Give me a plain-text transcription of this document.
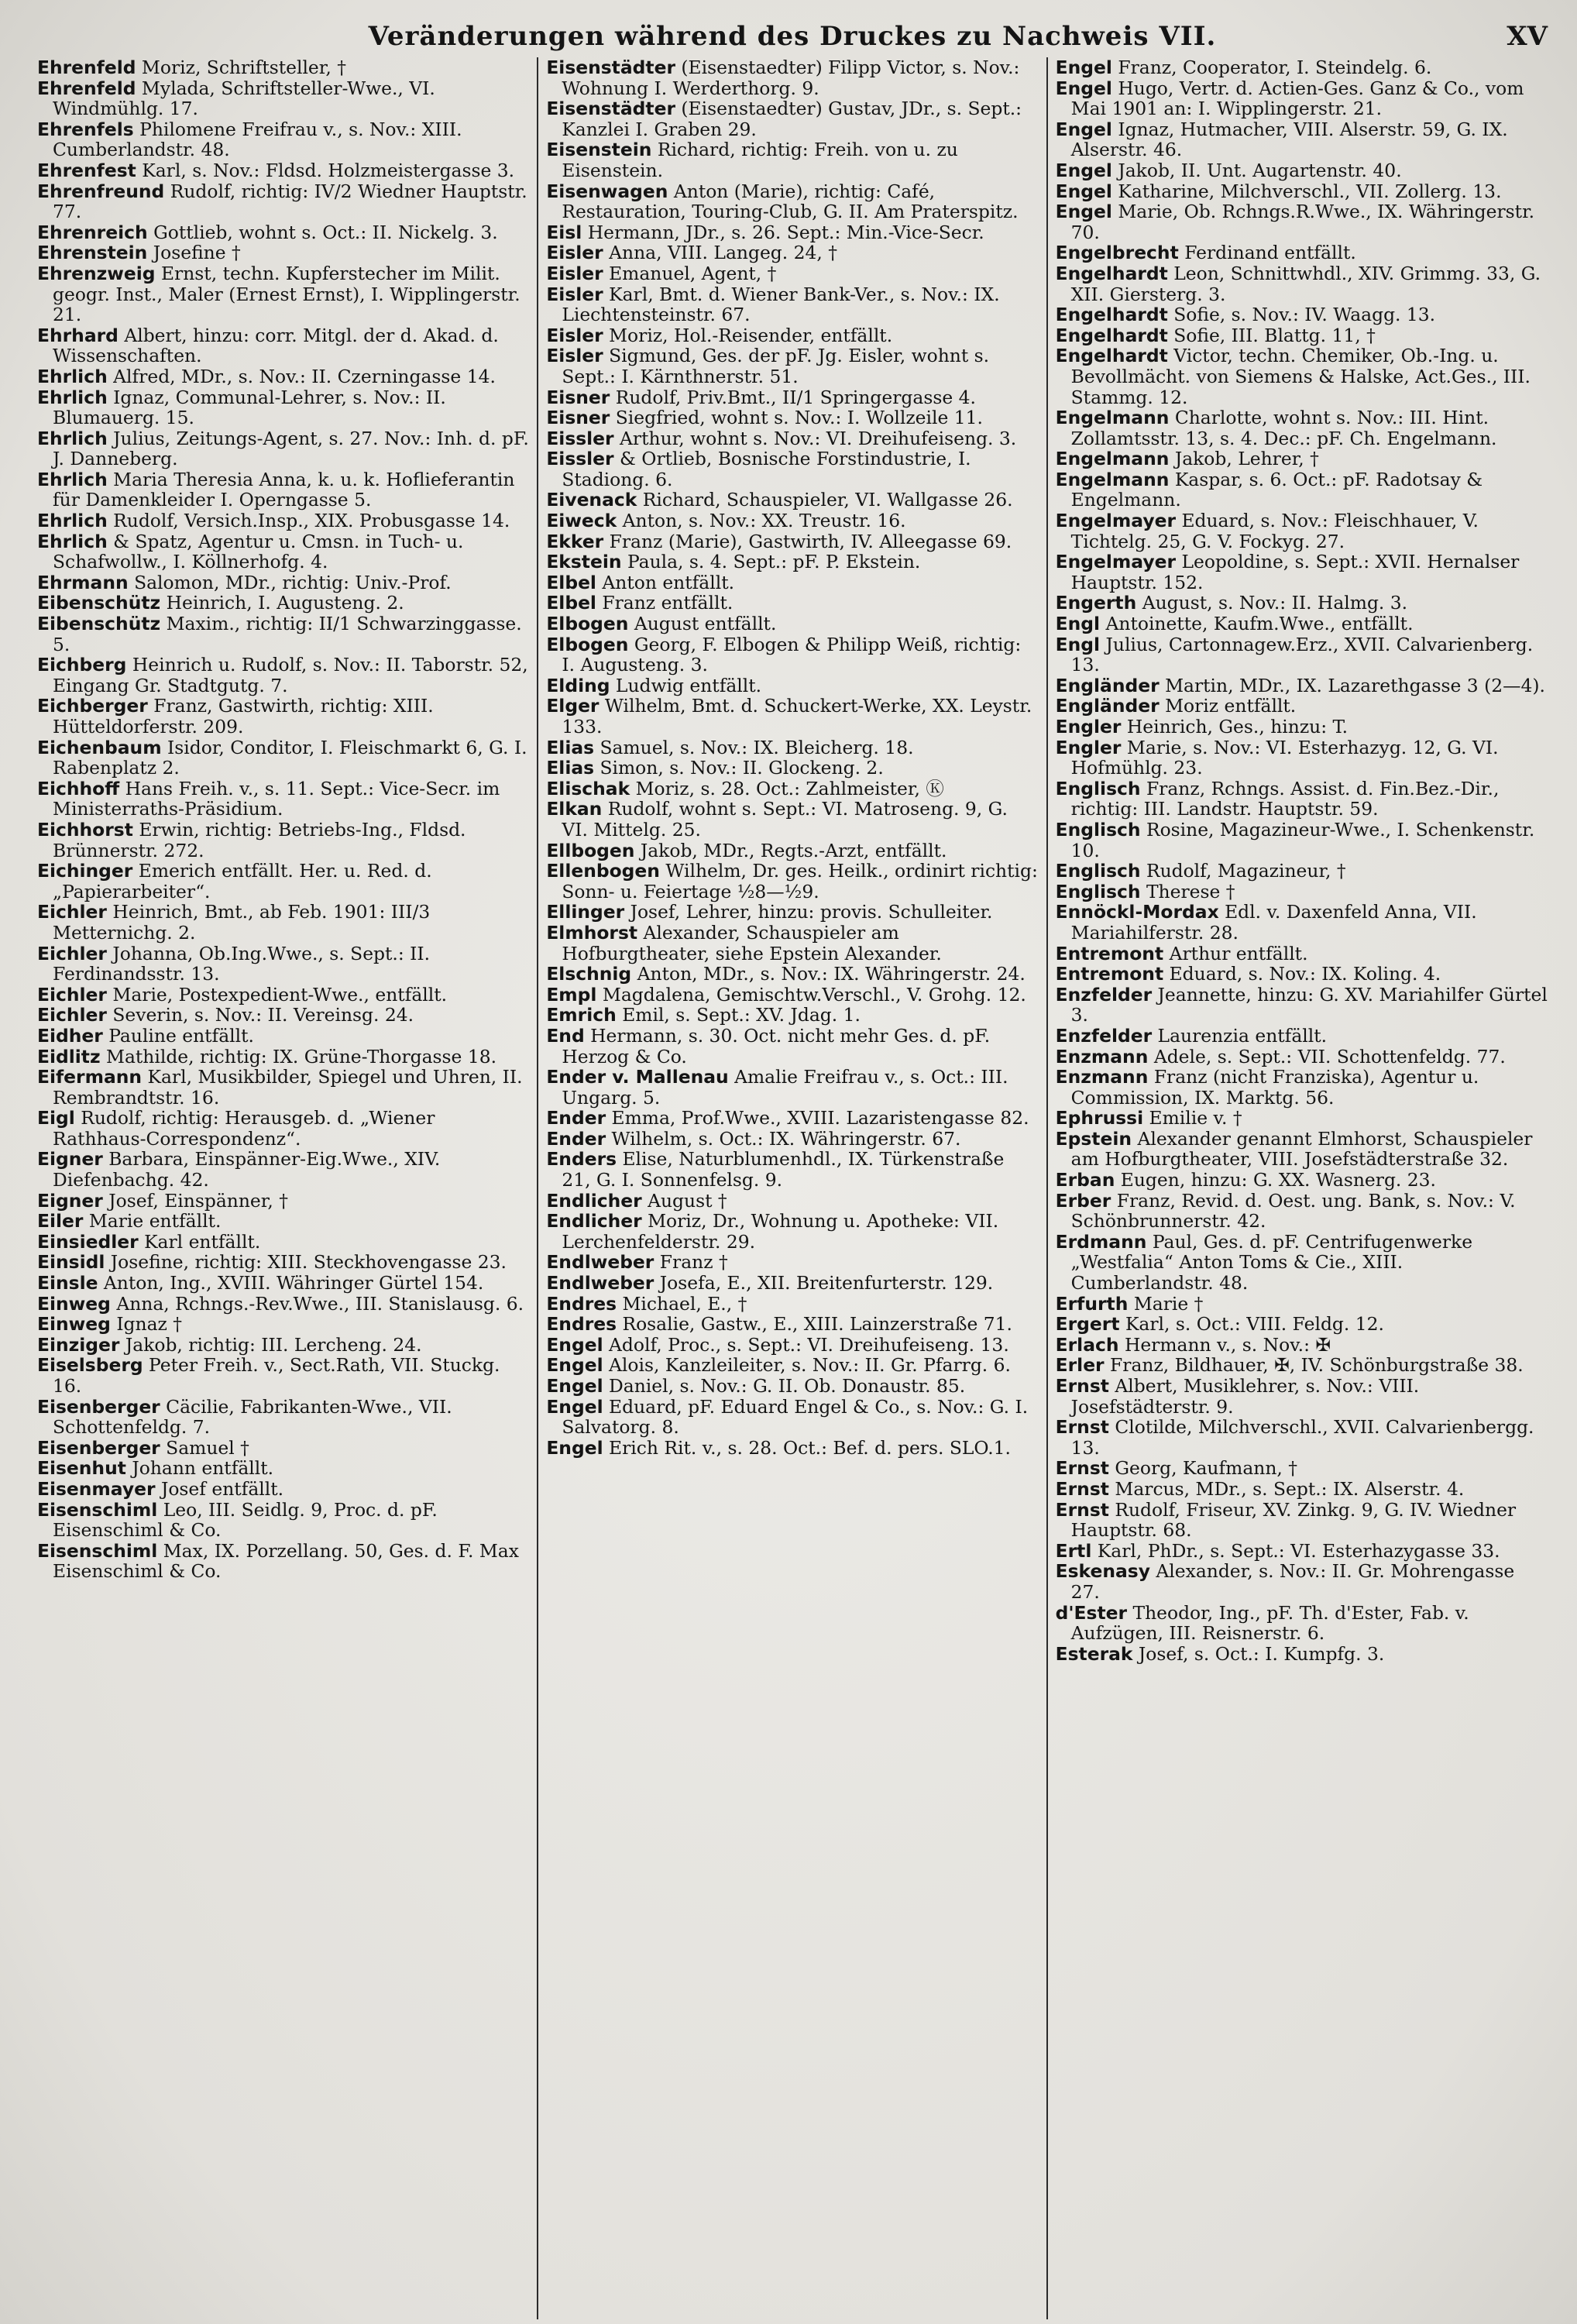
Veränderungen während des Druckes zu Nachweis VII.	XV

Ehrenfeld Moriz, Schriftsteller, †

Ehrenfeld Mylada, Schriftsteller-Wwe., VI. Windmühlg. 17.

Ehrenfels Philomene Freifrau v., s. Nov.: XIII. Cumberlandstr. 48.

Ehrenfest Karl, s. Nov.: Fldsd. Holzmeistergasse 3.

Ehrenfreund Rudolf, richtig: IV/2 Wiedner Hauptstr. 77.

Ehrenreich Gottlieb, wohnt s. Oct.: II. Nickelg. 3.

Ehrenstein Josefine †

Ehrenzweig Ernst, techn. Kupferstecher im Milit. geogr. Inst., Maler (Ernest Ernst), I. Wipplingerstr. 21.

Ehrhard Albert, hinzu: corr. Mitgl. der d. Akad. d. Wissenschaften.

Ehrlich Alfred, MDr., s. Nov.: II. Czerningasse 14.

Ehrlich Ignaz, Communal-Lehrer, s. Nov.: II. Blumauerg. 15.

Ehrlich Julius, Zeitungs-Agent, s. 27. Nov.: Inh. d. pF. J. Danneberg.

Ehrlich Maria Theresia Anna, k. u. k. Hoflieferantin für Damenkleider I. Operngasse 5.

Ehrlich Rudolf, Versich.Insp., XIX. Probusgasse 14.

Ehrlich & Spatz, Agentur u. Cmsn. in Tuch- u. Schafwollw., I. Köllnerhofg. 4.

Ehrmann Salomon, MDr., richtig: Univ.-Prof.

Eibenschütz Heinrich, I. Augusteng. 2.

Eibenschütz Maxim., richtig: II/1 Schwarzinggasse. 5.

Eichberg Heinrich u. Rudolf, s. Nov.: II. Taborstr. 52, Eingang Gr. Stadtgutg. 7.

Eichberger Franz, Gastwirth, richtig: XIII. Hütteldorferstr. 209.

Eichenbaum Isidor, Conditor, I. Fleischmarkt 6, G. I. Rabenplatz 2.

Eichhoff Hans Freih. v., s. 11. Sept.: Vice-Secr. im Ministerraths-Präsidium.

Eichhorst Erwin, richtig: Betriebs-Ing., Fldsd. Brünnerstr. 272.

Eichinger Emerich entfällt. Her. u. Red. d. „Papierarbeiter“.

Eichler Heinrich, Bmt., ab Feb. 1901: III/3 Metternichg. 2.

Eichler Johanna, Ob.Ing.Wwe., s. Sept.: II. Ferdinandsstr. 13.

Eichler Marie, Postexpedient-Wwe., entfällt.

Eichler Severin, s. Nov.: II. Vereinsg. 24.

Eidher Pauline entfällt.

Eidlitz Mathilde, richtig: IX. Grüne-Thorgasse 18.

Eifermann Karl, Musikbilder, Spiegel und Uhren, II. Rembrandtstr. 16.

Eigl Rudolf, richtig: Herausgeb. d. „Wiener Rathhaus-Correspondenz“.

Eigner Barbara, Einspänner-Eig.Wwe., XIV. Diefenbachg. 42.

Eigner Josef, Einspänner, †

Eiler Marie entfällt.

Einsiedler Karl entfällt.

Einsidl Josefine, richtig: XIII. Steckhovengasse 23.

Einsle Anton, Ing., XVIII. Währinger Gürtel 154.

Einweg Anna, Rchngs.-Rev.Wwe., III. Stanislausg. 6.

Einweg Ignaz †

Einziger Jakob, richtig: III. Lercheng. 24.

Eiselsberg Peter Freih. v., Sect.Rath, VII. Stuckg. 16.

Eisenberger Cäcilie, Fabrikanten-Wwe., VII. Schottenfeldg. 7.

Eisenberger Samuel †

Eisenhut Johann entfällt.

Eisenmayer Josef entfällt.

Eisenschiml Leo, III. Seidlg. 9, Proc. d. pF. Eisenschiml & Co.

Eisenschiml Max, IX. Porzellang. 50, Ges. d. F. Max Eisenschiml & Co.

Eisenstädter (Eisenstaedter) Filipp Victor, s. Nov.: Wohnung I. Werderthorg. 9.

Eisenstädter (Eisenstaedter) Gustav, JDr., s. Sept.: Kanzlei I. Graben 29.

Eisenstein Richard, richtig: Freih. von u. zu Eisenstein.

Eisenwagen Anton (Marie), richtig: Café, Restauration, Touring-Club, G. II. Am Praterspitz.

Eisl Hermann, JDr., s. 26. Sept.: Min.-Vice-Secr.

Eisler Anna, VIII. Langeg. 24, †

Eisler Emanuel, Agent, †

Eisler Karl, Bmt. d. Wiener Bank-Ver., s. Nov.: IX. Liechtensteinstr. 67.

Eisler Moriz, Hol.-Reisender, entfällt.

Eisler Sigmund, Ges. der pF. Jg. Eisler, wohnt s. Sept.: I. Kärnthnerstr. 51.

Eisner Rudolf, Priv.Bmt., II/1 Springergasse 4.

Eisner Siegfried, wohnt s. Nov.: I. Wollzeile 11.

Eissler Arthur, wohnt s. Nov.: VI. Dreihufeiseng. 3.

Eissler & Ortlieb, Bosnische Forstindustrie, I. Stadiong. 6.

Eivenack Richard, Schauspieler, VI. Wallgasse 26.

Eiweck Anton, s. Nov.: XX. Treustr. 16.

Ekker Franz (Marie), Gastwirth, IV. Alleegasse 69.

Ekstein Paula, s. 4. Sept.: pF. P. Ekstein.

Elbel Anton entfällt.

Elbel Franz entfällt.

Elbogen August entfällt.

Elbogen Georg, F. Elbogen & Philipp Weiß, richtig: I. Augusteng. 3.

Elding Ludwig entfällt.

Elger Wilhelm, Bmt. d. Schuckert-Werke, XX. Leystr. 133.

Elias Samuel, s. Nov.: IX. Bleicherg. 18.

Elias Simon, s. Nov.: II. Glockeng. 2.

Elischak Moriz, s. 28. Oct.: Zahlmeister, Ⓚ

Elkan Rudolf, wohnt s. Sept.: VI. Matroseng. 9, G. VI. Mittelg. 25.

Ellbogen Jakob, MDr., Regts.-Arzt, entfällt.

Ellenbogen Wilhelm, Dr. ges. Heilk., ordinirt richtig: Sonn- u. Feiertage ½8—½9.

Ellinger Josef, Lehrer, hinzu: provis. Schulleiter.

Elmhorst Alexander, Schauspieler am Hofburgtheater, siehe Epstein Alexander.

Elschnig Anton, MDr., s. Nov.: IX. Währingerstr. 24.

Empl Magdalena, Gemischtw.Verschl., V. Grohg. 12.

Emrich Emil, s. Sept.: XV. Jdag. 1.

End Hermann, s. 30. Oct. nicht mehr Ges. d. pF. Herzog & Co.

Ender v. Mallenau Amalie Freifrau v., s. Oct.: III. Ungarg. 5.

Ender Emma, Prof.Wwe., XVIII. Lazaristengasse 82.

Ender Wilhelm, s. Oct.: IX. Währingerstr. 67.

Enders Elise, Naturblumenhdl., IX. Türkenstraße 21, G. I. Sonnenfelsg. 9.

Endlicher August †

Endlicher Moriz, Dr., Wohnung u. Apotheke: VII. Lerchenfelderstr. 29.

Endlweber Franz †

Endlweber Josefa, E., XII. Breitenfurterstr. 129.

Endres Michael, E., †

Endres Rosalie, Gastw., E., XIII. Lainzerstraße 71.

Engel Adolf, Proc., s. Sept.: VI. Dreihufeiseng. 13.

Engel Alois, Kanzleileiter, s. Nov.: II. Gr. Pfarrg. 6.

Engel Daniel, s. Nov.: G. II. Ob. Donaustr. 85.

Engel Eduard, pF. Eduard Engel & Co., s. Nov.: G. I. Salvatorg. 8.

Engel Erich Rit. v., s. 28. Oct.: Bef. d. pers. SLO.1.

Engel Franz, Cooperator, I. Steindelg. 6.

Engel Hugo, Vertr. d. Actien-Ges. Ganz & Co., vom Mai 1901 an: I. Wipplingerstr. 21.

Engel Ignaz, Hutmacher, VIII. Alserstr. 59, G. IX. Alserstr. 46.

Engel Jakob, II. Unt. Augartenstr. 40.

Engel Katharine, Milchverschl., VII. Zollerg. 13.

Engel Marie, Ob. Rchngs.R.Wwe., IX. Währingerstr. 70.

Engelbrecht Ferdinand entfällt.

Engelhardt Leon, Schnittwhdl., XIV. Grimmg. 33, G. XII. Giersterg. 3.

Engelhardt Sofie, s. Nov.: IV. Waagg. 13.

Engelhardt Sofie, III. Blattg. 11, †

Engelhardt Victor, techn. Chemiker, Ob.-Ing. u. Bevollmächt. von Siemens & Halske, Act.Ges., III. Stammg. 12.

Engelmann Charlotte, wohnt s. Nov.: III. Hint. Zollamtsstr. 13, s. 4. Dec.: pF. Ch. Engelmann.

Engelmann Jakob, Lehrer, †

Engelmann Kaspar, s. 6. Oct.: pF. Radotsay & Engelmann.

Engelmayer Eduard, s. Nov.: Fleischhauer, V. Tichtelg. 25, G. V. Fockyg. 27.

Engelmayer Leopoldine, s. Sept.: XVII. Hernalser Hauptstr. 152.

Engerth August, s. Nov.: II. Halmg. 3.

Engl Antoinette, Kaufm.Wwe., entfällt.

Engl Julius, Cartonnagew.Erz., XVII. Calvarienberg. 13.

Engländer Martin, MDr., IX. Lazarethgasse 3 (2—4).

Engländer Moriz entfällt.

Engler Heinrich, Ges., hinzu: T.

Engler Marie, s. Nov.: VI. Esterhazyg. 12, G. VI. Hofmühlg. 23.

Englisch Franz, Rchngs. Assist. d. Fin.Bez.-Dir., richtig: III. Landstr. Hauptstr. 59.

Englisch Rosine, Magazineur-Wwe., I. Schenkenstr. 10.

Englisch Rudolf, Magazineur, †

Englisch Therese †

Ennöckl-Mordax Edl. v. Daxenfeld Anna, VII. Mariahilferstr. 28.

Entremont Arthur entfällt.

Entremont Eduard, s. Nov.: IX. Koling. 4.

Enzfelder Jeannette, hinzu: G. XV. Mariahilfer Gürtel 3.

Enzfelder Laurenzia entfällt.

Enzmann Adele, s. Sept.: VII. Schottenfeldg. 77.

Enzmann Franz (nicht Franziska), Agentur u. Commission, IX. Marktg. 56.

Ephrussi Emilie v. †

Epstein Alexander genannt Elmhorst, Schauspieler am Hofburgtheater, VIII. Josefstädterstraße 32.

Erban Eugen, hinzu: G. XX. Wasnerg. 23.

Erber Franz, Revid. d. Oest. ung. Bank, s. Nov.: V. Schönbrunnerstr. 42.

Erdmann Paul, Ges. d. pF. Centrifugenwerke „Westfalia“ Anton Toms & Cie., XIII. Cumberlandstr. 48.

Erfurth Marie †

Ergert Karl, s. Oct.: VIII. Feldg. 12.

Erlach Hermann v., s. Nov.: ✠

Erler Franz, Bildhauer, ✠, IV. Schönburgstraße 38.

Ernst Albert, Musiklehrer, s. Nov.: VIII. Josefstädterstr. 9.

Ernst Clotilde, Milchverschl., XVII. Calvarienbergg. 13.

Ernst Georg, Kaufmann, †

Ernst Marcus, MDr., s. Sept.: IX. Alserstr. 4.

Ernst Rudolf, Friseur, XV. Zinkg. 9, G. IV. Wiedner Hauptstr. 68.

Ertl Karl, PhDr., s. Sept.: VI. Esterhazygasse 33.

Eskenasy Alexander, s. Nov.: II. Gr. Mohrengasse 27.

d'Ester Theodor, Ing., pF. Th. d'Ester, Fab. v. Aufzügen, III. Reisnerstr. 6.

Esterak Josef, s. Oct.: I. Kumpfg. 3.
